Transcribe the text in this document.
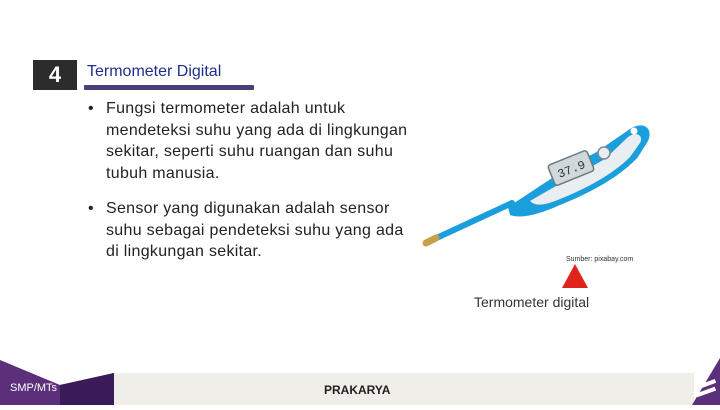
4	Termometer Digital
• Fungsi termometer adalah untuk mendeteksi suhu yang ada di lingkungan sekitar, seperti suhu ruangan dan suhu tubuh manusia.
• Sensor yang digunakan adalah sensor suhu sebagai pendeteksi suhu yang ada di lingkungan sekitar.
37.9
Sumber: pixabay.com
Termometer digital
SMP/MTs	PRAKARYA
